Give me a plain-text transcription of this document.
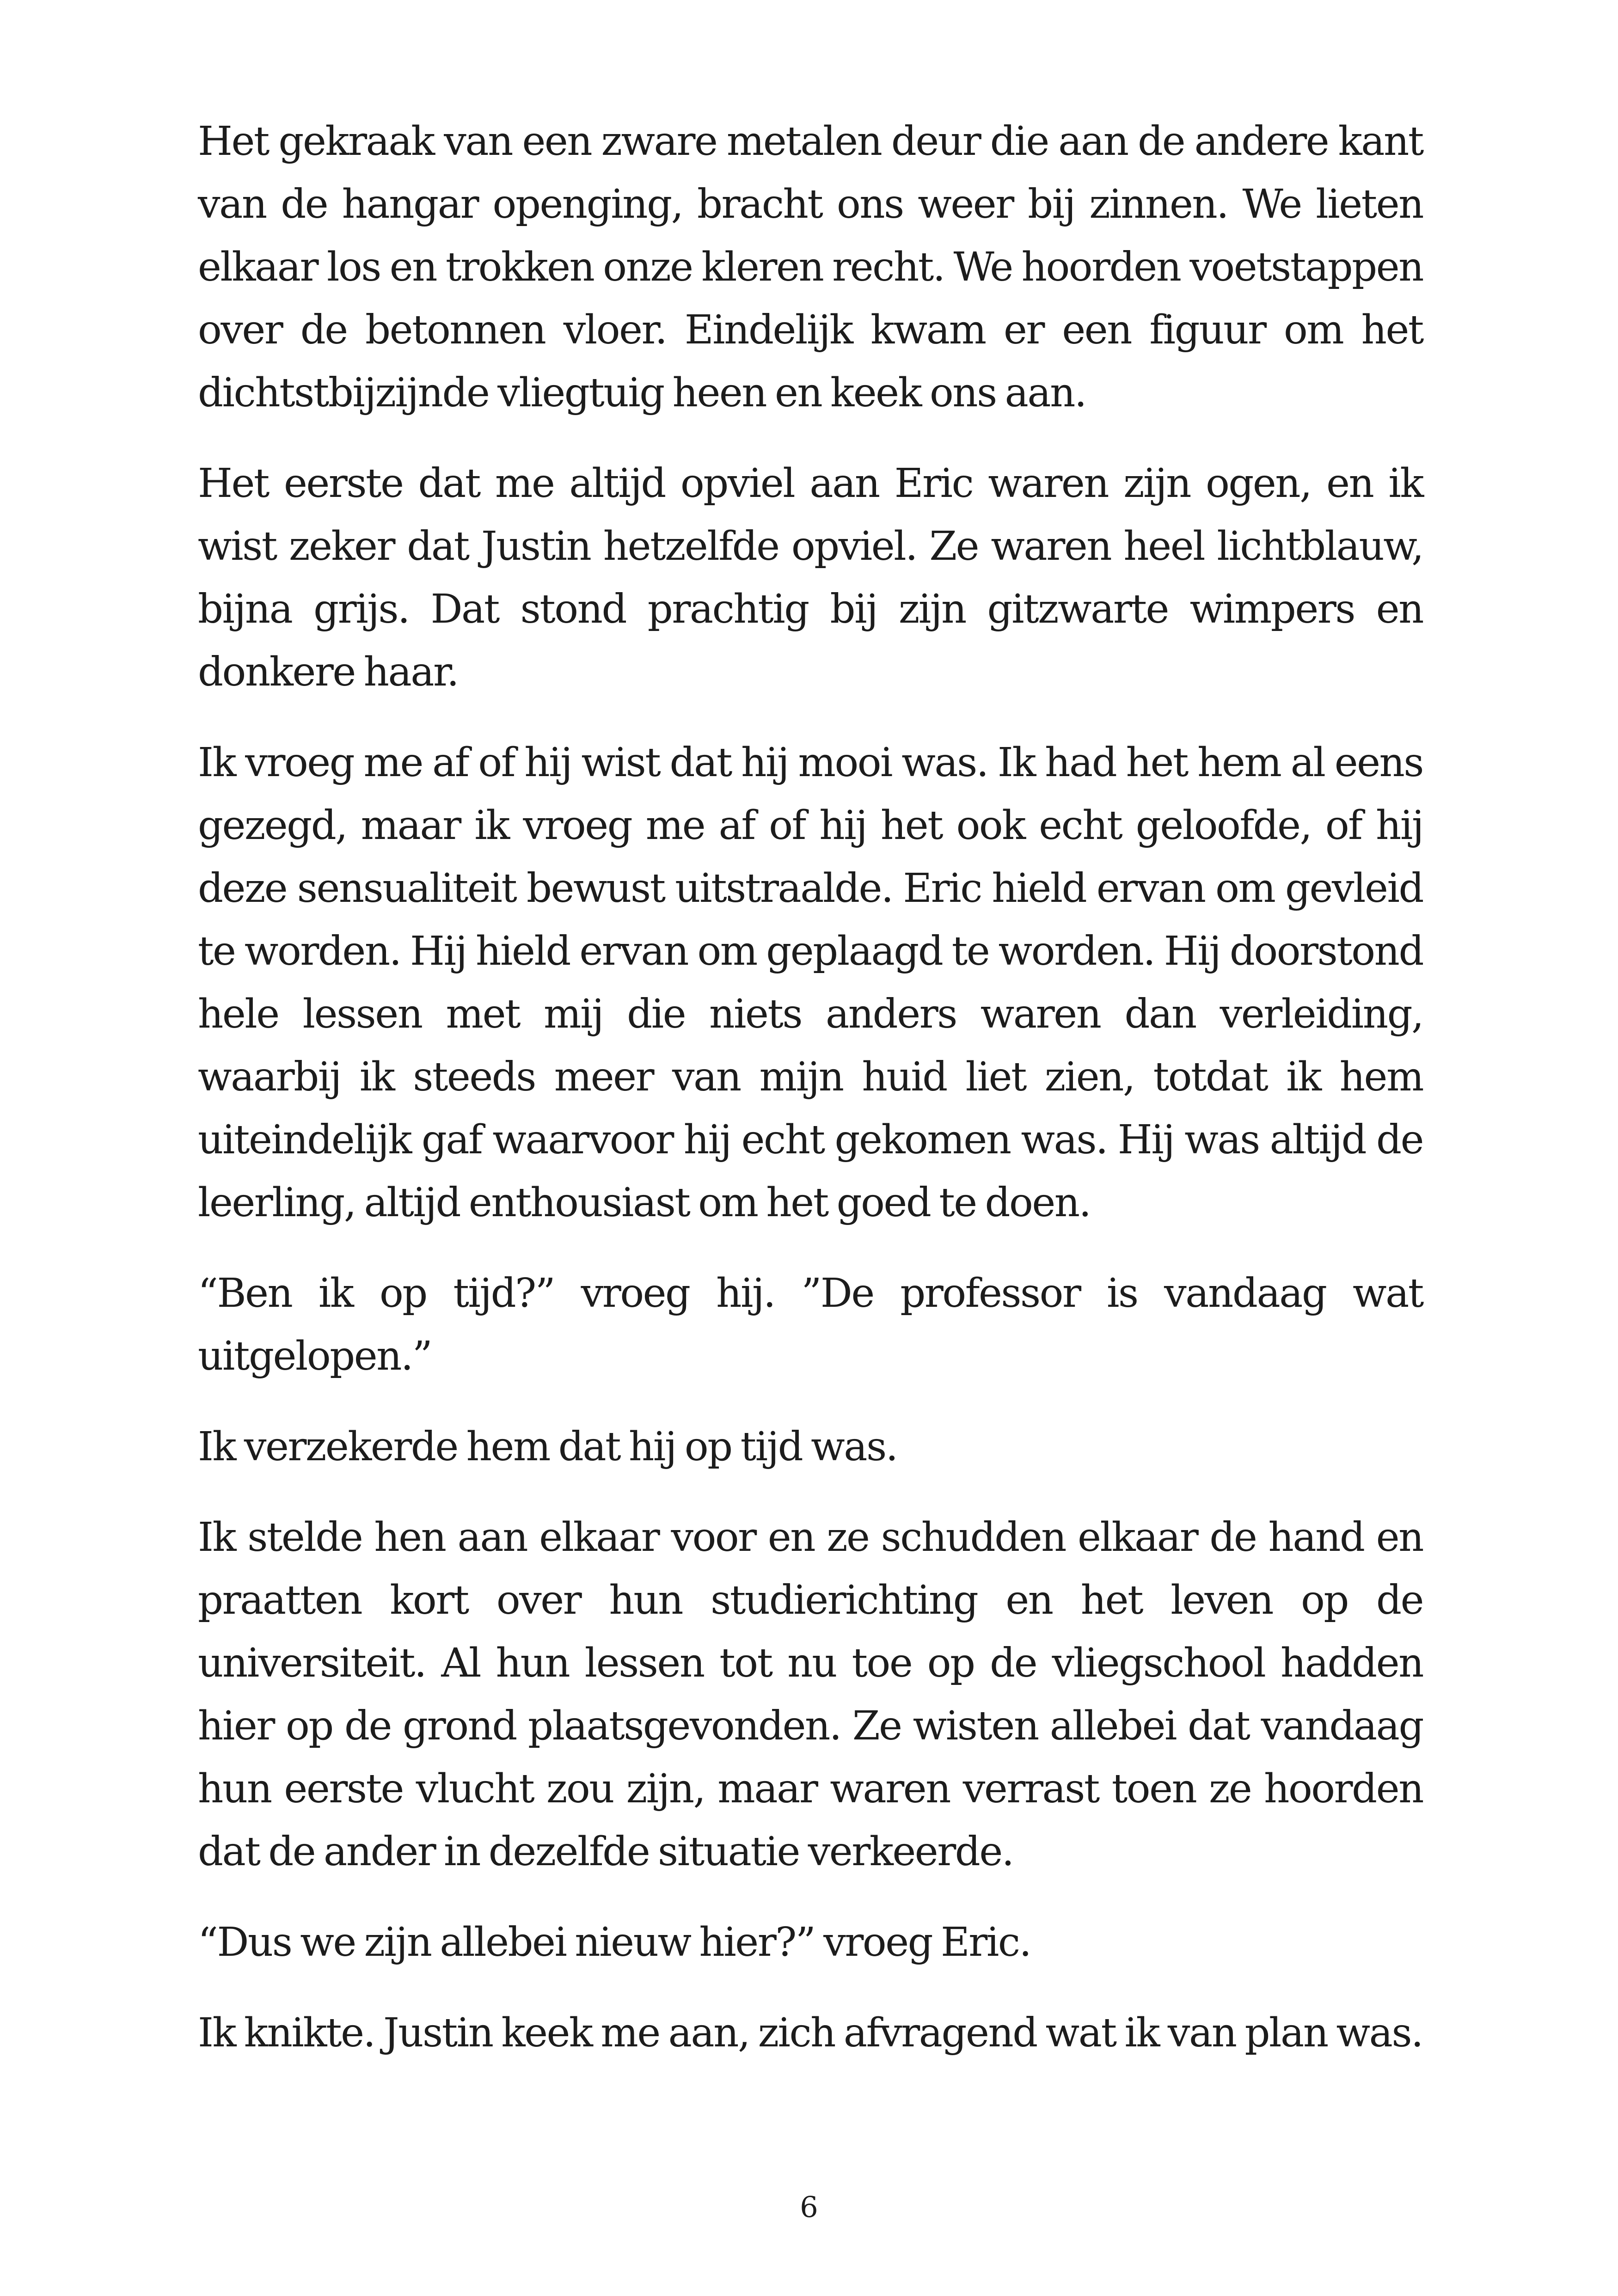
Het gekraak van een zware metalen deur die aan de andere kant van de hangar openging, bracht ons weer bij zinnen. We lieten elkaar los en trokken onze kleren recht. We hoorden voetstappen over de betonnen vloer. Eindelijk kwam er een figuur om het dichtstbijzijnde vliegtuig heen en keek ons aan.

Het eerste dat me altijd opviel aan Eric waren zijn ogen, en ik wist zeker dat Justin hetzelfde opviel. Ze waren heel lichtblauw, bijna grijs. Dat stond prachtig bij zijn gitzwarte wimpers en donkere haar.

Ik vroeg me af of hij wist dat hij mooi was. Ik had het hem al eens gezegd, maar ik vroeg me af of hij het ook echt geloofde, of hij deze sensualiteit bewust uitstraalde. Eric hield ervan om gevleid te worden. Hij hield ervan om geplaagd te worden. Hij doorstond hele lessen met mij die niets anders waren dan verleiding, waarbij ik steeds meer van mijn huid liet zien, totdat ik hem uiteindelijk gaf waarvoor hij echt gekomen was. Hij was altijd de leerling, altijd enthousiast om het goed te doen.

“Ben ik op tijd?” vroeg hij. ”De professor is vandaag wat uitgelopen.”

Ik verzekerde hem dat hij op tijd was.

Ik stelde hen aan elkaar voor en ze schudden elkaar de hand en praatten kort over hun studierichting en het leven op de universiteit. Al hun lessen tot nu toe op de vliegschool hadden hier op de grond plaatsgevonden. Ze wisten allebei dat vandaag hun eerste vlucht zou zijn, maar waren verrast toen ze hoorden dat de ander in dezelfde situatie verkeerde.

“Dus we zijn allebei nieuw hier?” vroeg Eric.

Ik knikte. Justin keek me aan, zich afvragend wat ik van plan was.

6
